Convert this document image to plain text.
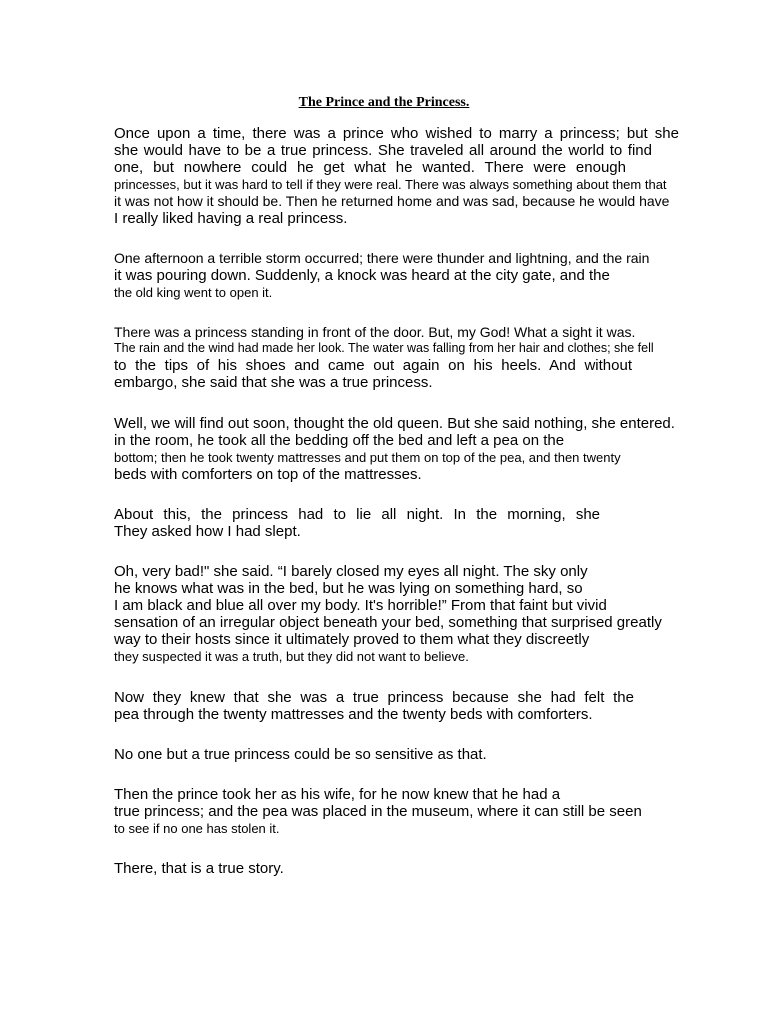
The Prince and the Princess.
Once upon a time, there was a prince who wished to marry a princess; but she
she would have to be a true princess. She traveled all around the world to find
one, but nowhere could he get what he wanted. There were enough
princesses, but it was hard to tell if they were real. There was always something about them that
it was not how it should be. Then he returned home and was sad, because he would have
I really liked having a real princess.
One afternoon a terrible storm occurred; there were thunder and lightning, and the rain
it was pouring down. Suddenly, a knock was heard at the city gate, and the
the old king went to open it.
There was a princess standing in front of the door. But, my God! What a sight it was.
The rain and the wind had made her look. The water was falling from her hair and clothes; she fell
to the tips of his shoes and came out again on his heels. And without
embargo, she said that she was a true princess.
Well, we will find out soon, thought the old queen. But she said nothing, she entered.
in the room, he took all the bedding off the bed and left a pea on the
bottom; then he took twenty mattresses and put them on top of the pea, and then twenty
beds with comforters on top of the mattresses.
About this, the princess had to lie all night. In the morning, she
They asked how I had slept.
Oh, very bad!" she said. “I barely closed my eyes all night. The sky only
he knows what was in the bed, but he was lying on something hard, so
I am black and blue all over my body. It's horrible!” From that faint but vivid
sensation of an irregular object beneath your bed, something that surprised greatly
way to their hosts since it ultimately proved to them what they discreetly
they suspected it was a truth, but they did not want to believe.
Now they knew that she was a true princess because she had felt the
pea through the twenty mattresses and the twenty beds with comforters.
No one but a true princess could be so sensitive as that.
Then the prince took her as his wife, for he now knew that he had a
true princess; and the pea was placed in the museum, where it can still be seen
to see if no one has stolen it.
There, that is a true story.
